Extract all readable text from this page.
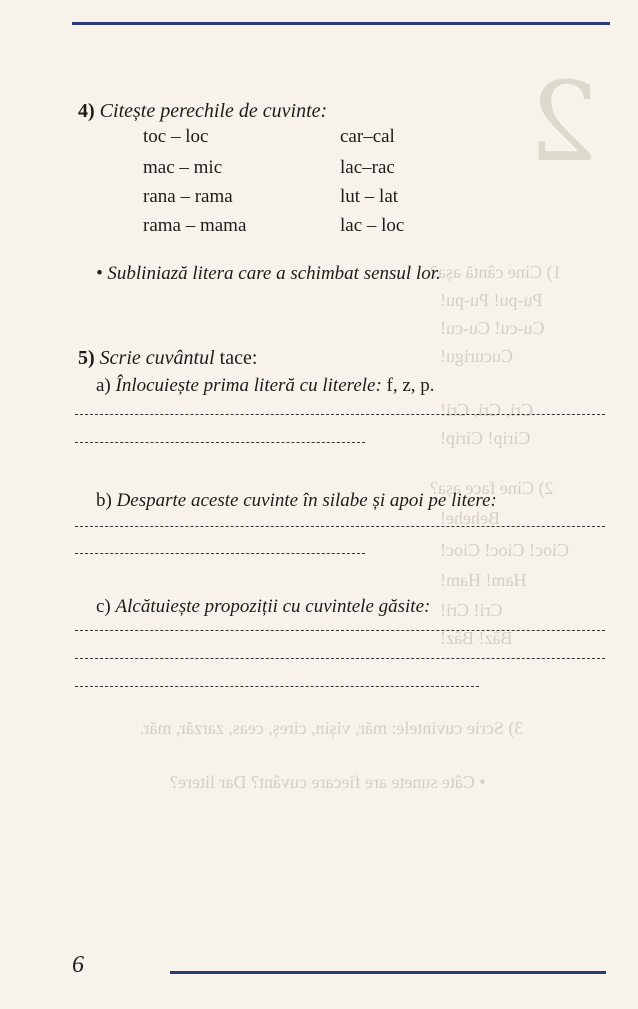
2
1) Cine cântă așa?
Pu-pu! Pu-pu!
Cu-cu! Cu-cu!
Cucurigu!
Cri, Cri, Cri!
Cirip! Cirip!
2) Cine face așa?
Behehe!
Cioc! Cioc! Cioc!
Ham! Ham!
Cri! Cri!
Bâz! Bâz!
3) Scrie cuvintele: măr, vișin, cireș, ceas, zarzăr, măr.
• Câte sunete are fiecare cuvânt? Dar litere?
4) Citește perechile de cuvinte:
toc – loc
mac – mic
rana – rama
rama – mama
car–cal
lac–rac
lut – lat
lac – loc
• Subliniază litera care a schimbat sensul lor.
5) Scrie cuvântul tace:
a) Înlocuiește prima literă cu literele: f, z, p.
b) Desparte aceste cuvinte în silabe și apoi pe litere:
c) Alcătuiește propoziții cu cuvintele găsite:
6
